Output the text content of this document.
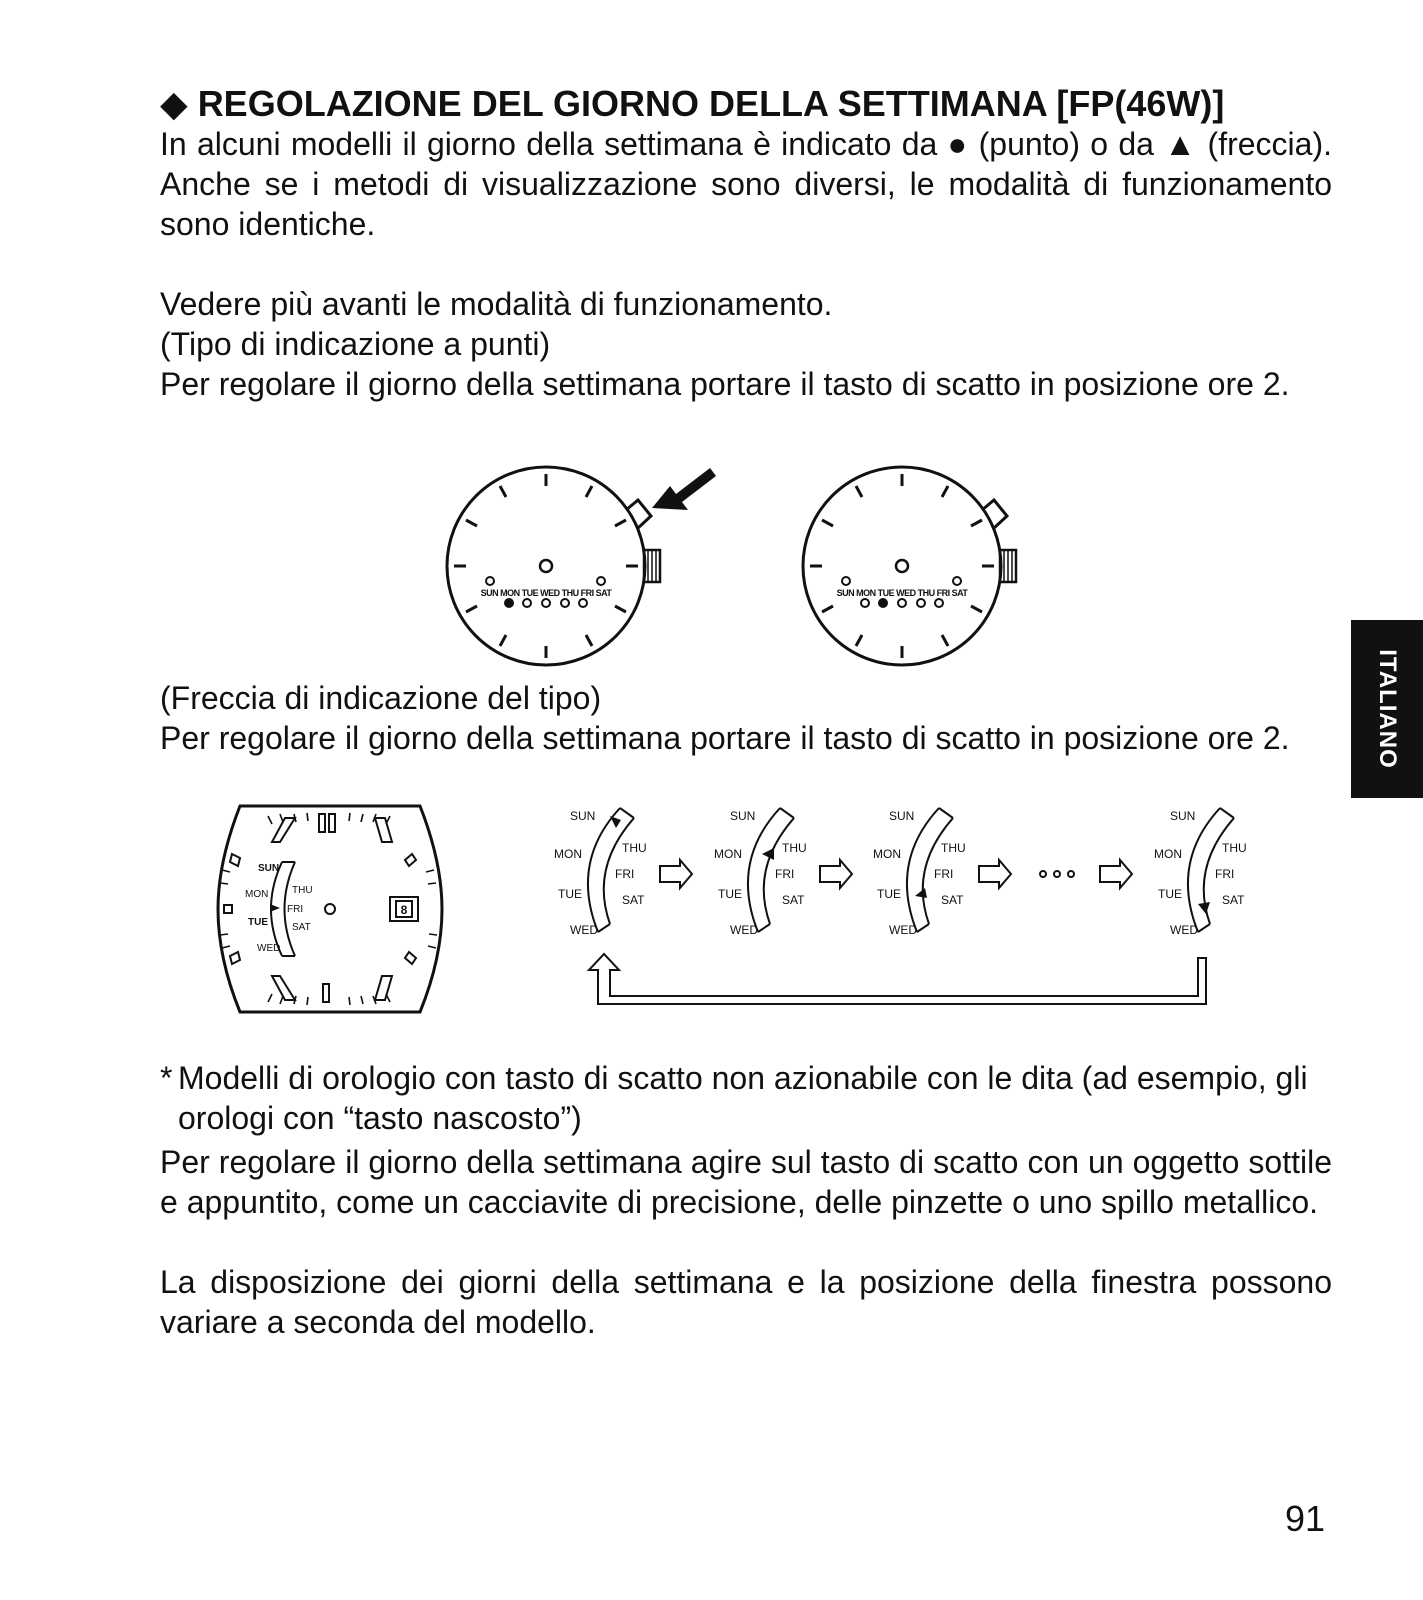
◆ REGOLAZIONE DEL GIORNO DELLA SETTIMANA [FP(46W)]

In alcuni modelli il giorno della settimana è indicato da ● (punto) o da ▲ (freccia). Anche se i metodi di visualizzazione sono diversi, le modalità di funzionamento sono identiche.

Vedere più avanti le modalità di funzionamento.

(Tipo di indicazione a punti)

Per regolare il giorno della settimana portare il tasto di scatto in posizione ore 2.

SUN MON TUE WED THU FRI SAT	SUN MON TUE WED THU FRI SAT

(Freccia di indicazione del tipo)

Per regolare il giorno della settimana portare il tasto di scatto in posizione ore 2.

8
SUN
MON
TUE
WED
THU
FRI
SAT
SUN
MON
TUE
WED
THU
FRI
SAT
SUN
MON
TUE
WED
THU
FRI
SAT
SUN
MON
TUE
WED
THU
FRI
SAT
SUN
MON
TUE
WED
THU
FRI
SAT
* Modelli di orologio con tasto di scatto non azionabile con le dita (ad esempio, gli orologi con “tasto nascosto”)

Per regolare il giorno della settimana agire sul tasto di scatto con un oggetto sottile e appuntito, come un cacciavite di precisione, delle pinzette o uno spillo metallico.

La disposizione dei giorni della settimana e la posizione della finestra possono variare a seconda del modello.

ITALIANO
91
